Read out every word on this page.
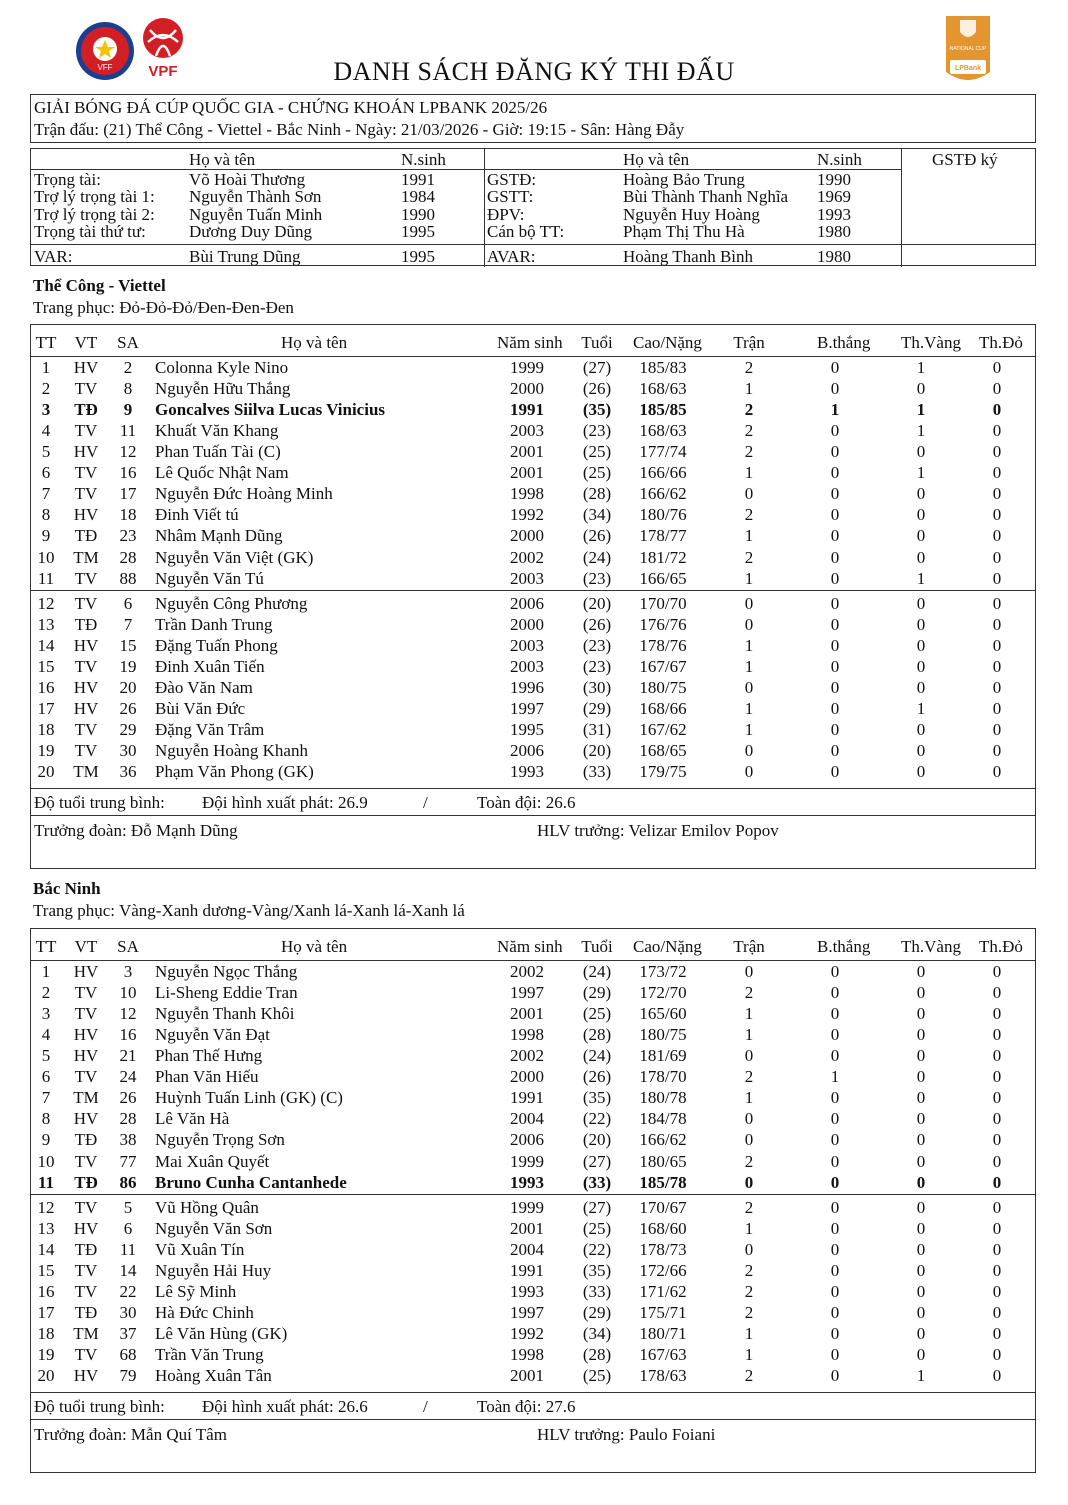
VFF VPF
NATIONAL CUP
LPBank
DANH SÁCH ĐĂNG KÝ THI ĐẤU
GIẢI BÓNG ĐÁ CÚP QUỐC GIA - CHỨNG KHOÁN LPBANK 2025/26
Trận đấu: (21) Thể Công - Viettel - Bắc Ninh - Ngày: 21/03/2026 - Giờ: 19:15 - Sân: Hàng Đẫy
Họ và tên	N.sinh	Họ và tên	N.sinh	GSTĐ ký
Trọng tài:	Võ Hoài Thương	1991	GSTĐ:	Hoàng Bảo Trung	1990
Trợ lý trọng tài 1: Nguyễn Thành Sơn	1984	GSTT:	Bùi Thành Thanh Nghĩa 1969
Trợ lý trọng tài 2: Nguyễn Tuấn Minh	1990	ĐPV:	Nguyễn Huy Hoàng	1993
Trọng tài thứ tư:	Dương Duy Dũng	1995	Cán bộ TT:	Phạm Thị Thu Hà	1980
VAR:	Bùi Trung Dũng	1995	AVAR:	Hoàng Thanh Bình	1980
Thể Công - Viettel
Trang phục: Đỏ-Đỏ-Đỏ/Đen-Đen-Đen
TT	VT	SA	Họ và tên	Năm sinh Tuổi Cao/Nặng Trận	B.thắng Th.Vàng Th.Đỏ
1	HV	2	Colonna Kyle Nino	1999	(27)	185/83	2	0	1	0
2	TV	8	Nguyễn Hữu Thắng	2000	(26)	168/63	1	0	0	0
3	TĐ	9	Goncalves Siilva Lucas Vinicius	1991	(35)	185/85	2	1	1	0
4	TV	11 Khuất Văn Khang	2003	(23)	168/63	2	0	1	0
5	HV 12 Phan Tuấn Tài (C)	2001	(25)	177/74	2	0	0	0
6	TV	16 Lê Quốc Nhật Nam	2001	(25)	166/66	1	0	1	0
7	TV	17 Nguyễn Đức Hoàng Minh	1998	(28)	166/62	0	0	0	0
8	HV 18 Đinh Viết tú	1992	(34)	180/76	2	0	0	0
9	TĐ	23 Nhâm Mạnh Dũng	2000	(26)	178/77	1	0	0	0
10	TM 28 Nguyễn Văn Việt (GK)	2002	(24)	181/72	2	0	0	0
11	TV	88 Nguyễn Văn Tú	2003	(23)	166/65	1	0	1	0
12	TV	6	Nguyễn Công Phương	2006	(20)	170/70	0	0	0	0
13	TĐ	7	Trần Danh Trung	2000	(26)	176/76	0	0	0	0
14	HV 15 Đặng Tuấn Phong	2003	(23)	178/76	1	0	0	0
15	TV	19 Đinh Xuân Tiến	2003	(23)	167/67	1	0	0	0
16	HV 20 Đào Văn Nam	1996	(30)	180/75	0	0	0	0
17	HV 26 Bùi Văn Đức	1997	(29)	168/66	1	0	1	0
18	TV	29 Đặng Văn Trâm	1995	(31)	167/62	1	0	0	0
19	TV	30 Nguyễn Hoàng Khanh	2006	(20)	168/65	0	0	0	0
20	TM 36 Phạm Văn Phong (GK)	1993	(33)	179/75	0	0	0	0
Độ tuổi trung bình: Đội hình xuất phát: 26.9	/	Toàn đội: 26.6
Trưởng đoàn: Đỗ Mạnh Dũng	HLV trưởng: Velizar Emilov Popov
Bắc Ninh
Trang phục: Vàng-Xanh dương-Vàng/Xanh lá-Xanh lá-Xanh lá
TT	VT	SA	Họ và tên	Năm sinh Tuổi Cao/Nặng Trận	B.thắng Th.Vàng Th.Đỏ
1	HV	3	Nguyễn Ngọc Thắng	2002	(24)	173/72	0	0	0	0
2	TV	10 Li-Sheng Eddie Tran	1997	(29)	172/70	2	0	0	0
3	TV	12 Nguyễn Thanh Khôi	2001	(25)	165/60	1	0	0	0
4	HV 16 Nguyễn Văn Đạt	1998	(28)	180/75	1	0	0	0
5	HV 21 Phan Thế Hưng	2002	(24)	181/69	0	0	0	0
6	TV	24 Phan Văn Hiếu	2000	(26)	178/70	2	1	0	0
7	TM 26 Huỳnh Tuấn Linh (GK) (C)	1991	(35)	180/78	1	0	0	0
8	HV 28 Lê Văn Hà	2004	(22)	184/78	0	0	0	0
9	TĐ	38 Nguyễn Trọng Sơn	2006	(20)	166/62	0	0	0	0
10	TV	77 Mai Xuân Quyết	1999	(27)	180/65	2	0	0	0
11	TĐ	86 Bruno Cunha Cantanhede	1993	(33)	185/78	0	0	0	0
12	TV	5	Vũ Hồng Quân	1999	(27)	170/67	2	0	0	0
13	HV	6	Nguyễn Văn Sơn	2001	(25)	168/60	1	0	0	0
14	TĐ	11 Vũ Xuân Tín	2004	(22)	178/73	0	0	0	0
15	TV	14 Nguyễn Hải Huy	1991	(35)	172/66	2	0	0	0
16	TV	22 Lê Sỹ Minh	1993	(33)	171/62	2	0	0	0
17	TĐ	30 Hà Đức Chinh	1997	(29)	175/71	2	0	0	0
18	TM 37 Lê Văn Hùng (GK)	1992	(34)	180/71	1	0	0	0
19	TV	68 Trần Văn Trung	1998	(28)	167/63	1	0	0	0
20	HV 79 Hoàng Xuân Tân	2001	(25)	178/63	2	0	1	0
Độ tuổi trung bình: Đội hình xuất phát: 26.6	/	Toàn đội: 27.6
Trưởng đoàn: Mẫn Quí Tâm	HLV trưởng: Paulo Foiani
